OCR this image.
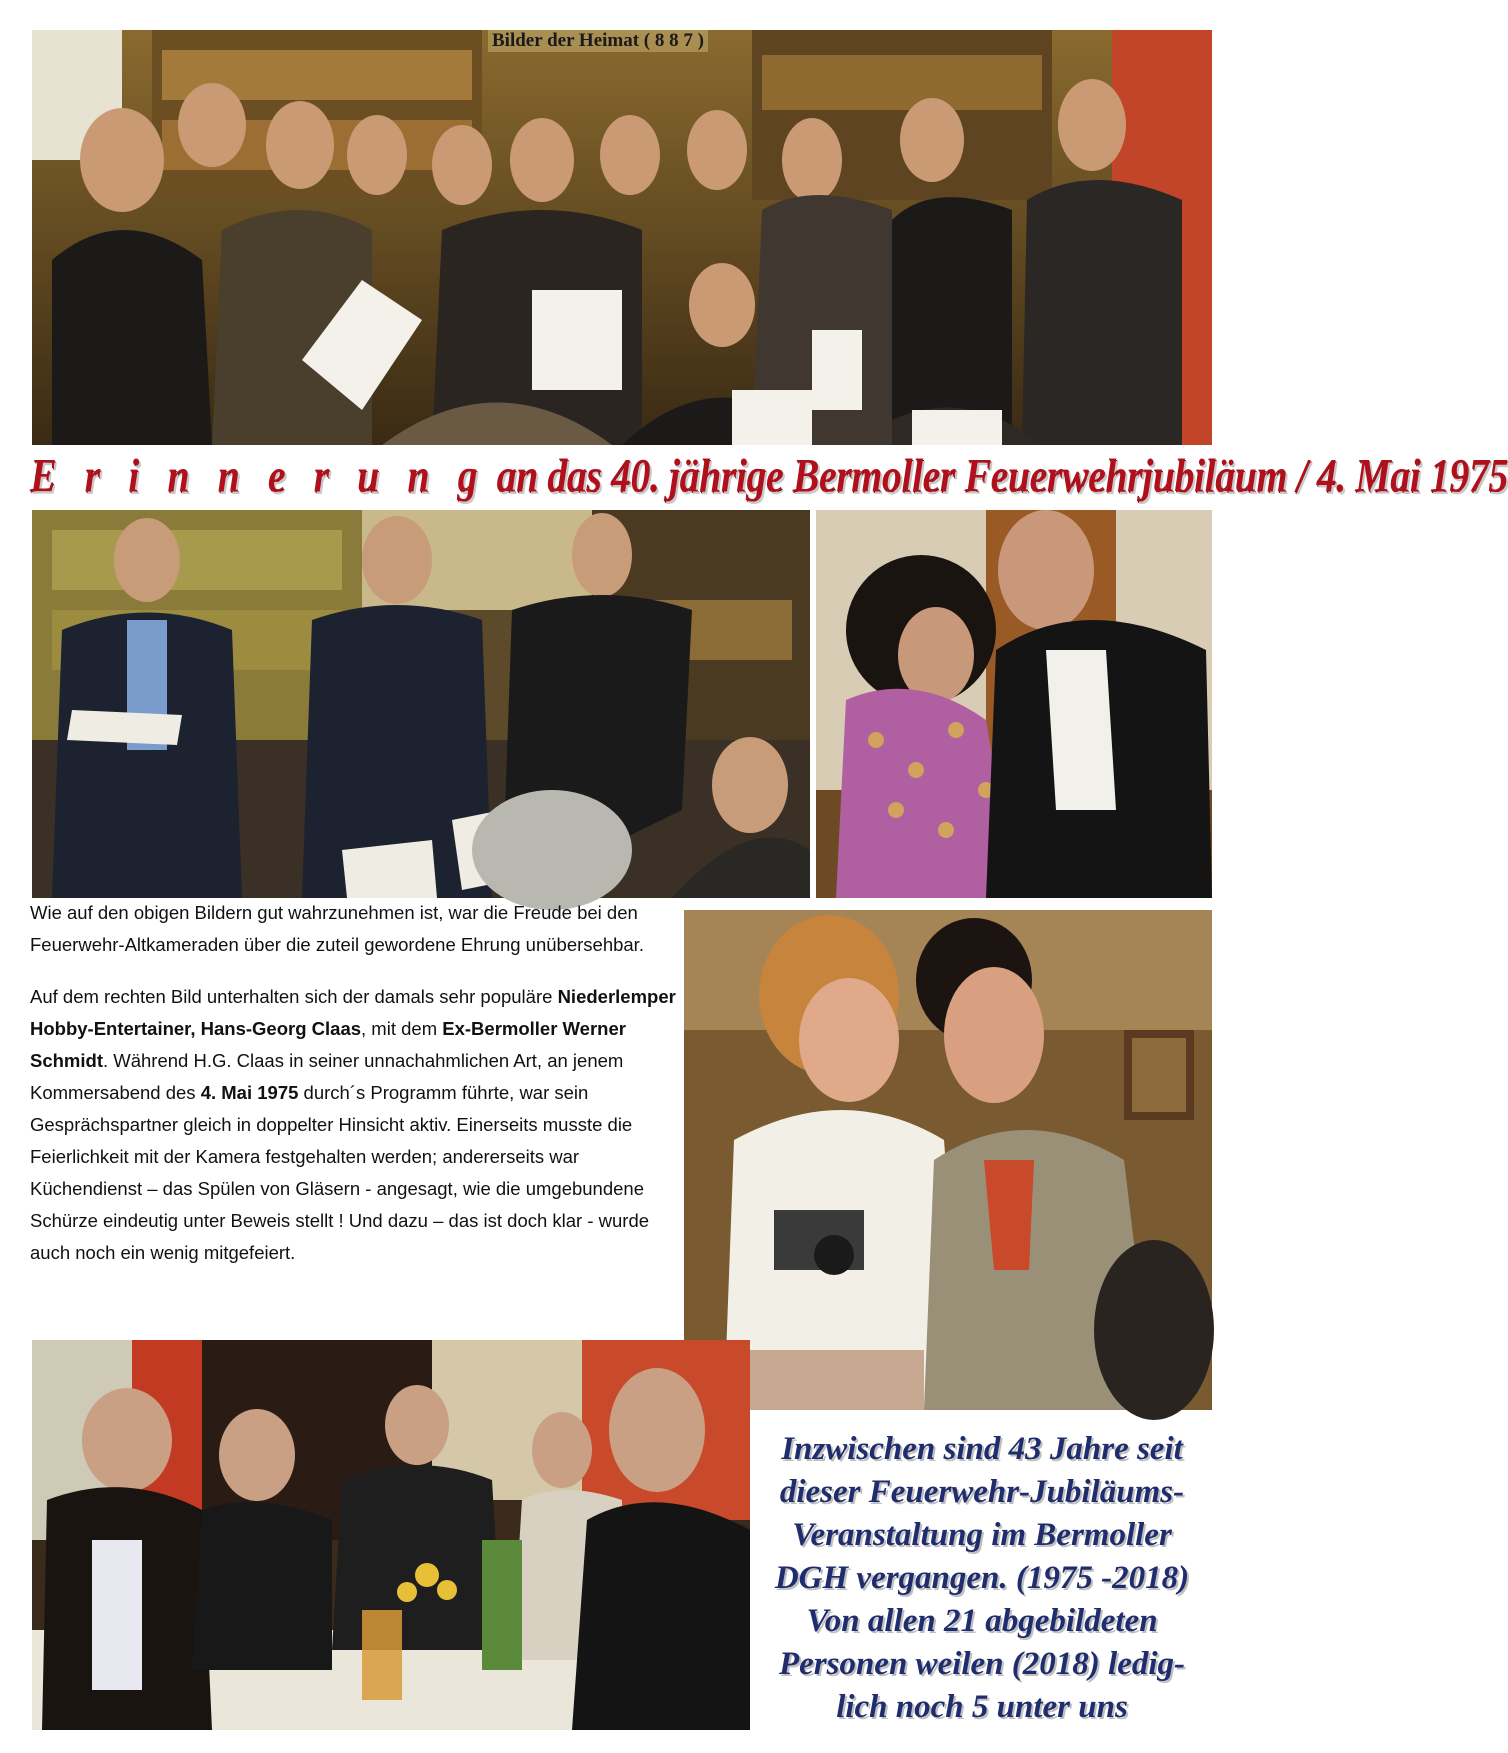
Bilder der Heimat ( 8 8 7 )
E r i n n e r u n g an das 40. jährige Bermoller Feuerwehrjubiläum / 4. Mai 1975

Wie auf den obigen Bildern gut wahrzunehmen ist, war die Freude bei den Feuerwehr-Altkameraden über die zuteil gewordene Ehrung unübersehbar.

Auf dem rechten Bild unterhalten sich der damals sehr populäre Niederlemper Hobby-Entertainer, Hans-Georg Claas, mit dem Ex-Bermoller Werner Schmidt. Während H.G. Claas in seiner unnachahmlichen Art, an jenem Kommersabend des 4. Mai 1975 durch´s Programm führte, war sein Gesprächspartner gleich in doppelter Hinsicht aktiv. Einerseits musste die Feierlichkeit mit der Kamera festgehalten werden; andererseits war Küchendienst – das Spülen von Gläsern - angesagt, wie die umgebundene Schürze eindeutig unter Beweis stellt ! Und dazu – das ist doch klar - wurde auch noch ein wenig mitgefeiert.

Inzwischen sind 43 Jahre seit
dieser Feuerwehr-Jubiläums-
Veranstaltung im Bermoller
DGH vergangen. (1975 -2018)
Von allen 21 abgebildeten
Personen weilen (2018) ledig-
lich noch 5 unter uns
